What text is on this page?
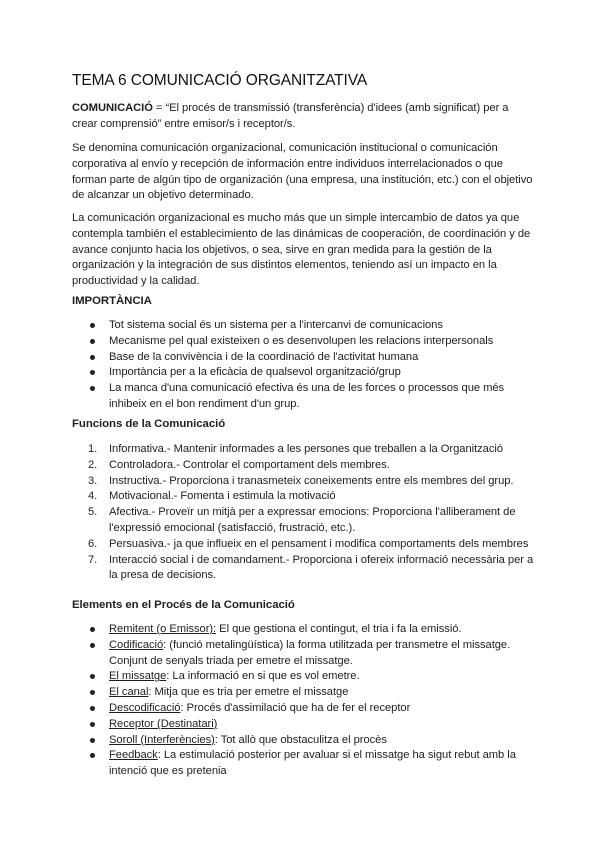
TEMA 6 COMUNICACIÓ ORGANITZATIVA

COMUNICACIÓ = “El procés de transmissió (transferència) d'idees (amb significat) per a crear comprensió” entre emisor/s i receptor/s.

Se denomina comunicación organizacional, comunicación institucional o comunicación corporativa al envío y recepción de información entre individuos interrelacionados o que forman parte de algún tipo de organización (una empresa, una institución, etc.) con el objetivo de alcanzar un objetivo determinado.

La comunicación organizacional es mucho más que un simple intercambio de datos ya que contempla también el establecimiento de las dinámicas de cooperación, de coordinación y de avance conjunto hacia los objetivos, o sea, sirve en gran medida para la gestión de la organización y la integración de sus distintos elementos, teniendo así un impacto en la productividad y la calidad.

IMPORTÀNCIA

Tot sistema social és un sistema per a l'intercanvi de comunicacions
Mecanisme pel qual existeixen o es desenvolupen les relacions interpersonals
Base de la convivència i de la coordinació de l'activitat humana
Importància per a la eficàcia de qualsevol organització/grup
La manca d'una comunicació efectiva és una de les forces o processos que més inhibeix en el bon rendiment d'un grup.

Funcions de la Comunicació

1. Informativa.- Mantenir informades a les persones que treballen a la Organització
2. Controladora.- Controlar el comportament dels membres.
3. Instructiva.- Proporciona i tranasmeteix coneixements entre els membres del grup.
4. Motivacional.- Fomenta i estimula la motivació
5. Afectiva.- Proveïr un mitjà per a expressar emocions: Proporciona l'alliberament de l'expressió emocional (satisfacció, frustració, etc.).
6. Persuasiva.- ja que influeix en el pensament i modifica comportaments dels membres
7. Interacció social i de comandament.- Proporciona i ofereix informació necessària per a la presa de decisions.

Elements en el Procés de la Comunicació

Remitent (o Emissor): El que gestiona el contingut, el tria i fa la emissió.
Codificació: (funció metalingüística) la forma utilitzada per transmetre el missatge. Conjunt de senyals triada per emetre el missatge.
El missatge: La informació en si que es vol emetre.
El canal: Mitja que es tria per emetre el missatge
Descodificació: Procés d'assimilació que ha de fer el receptor
Receptor (Destinatari)
Soroll (Interferències): Tot allò que obstaculitza el procès
Feedback: La estimulació posterior per avaluar si el missatge ha sigut rebut amb la intenció que es pretenia
